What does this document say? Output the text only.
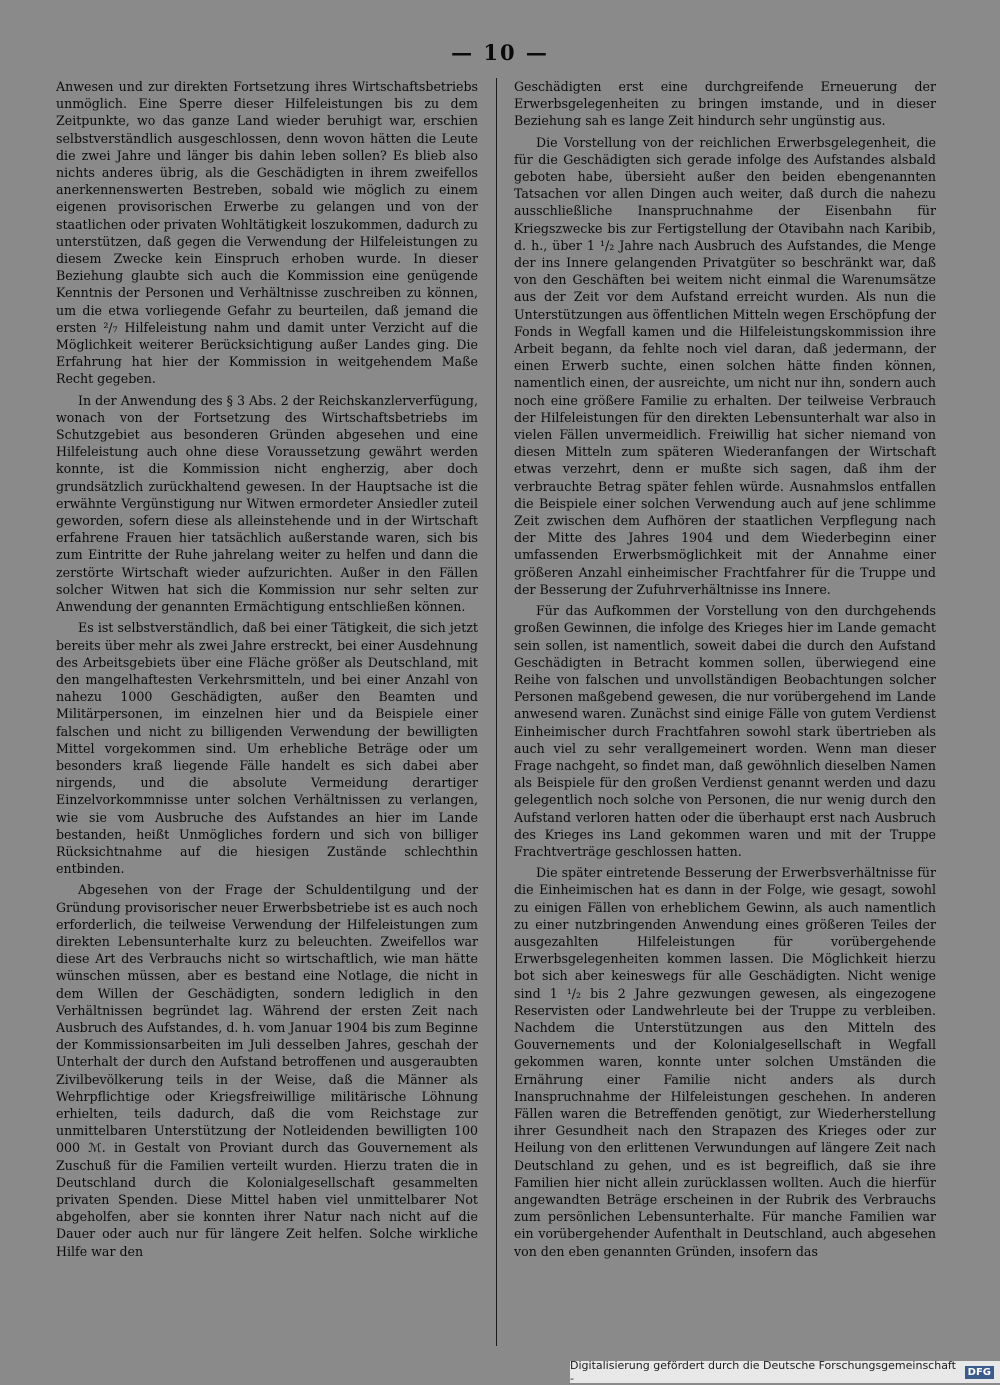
— 10 —

Anwesen und zur direkten Fortsetzung ihres Wirtschaftsbetriebs unmöglich. Eine Sperre dieser Hilfeleistungen bis zu dem Zeitpunkte, wo das ganze Land wieder beruhigt war, erschien selbstverständlich ausgeschlossen, denn wovon hätten die Leute die zwei Jahre und länger bis dahin leben sollen? Es blieb also nichts anderes übrig, als die Geschädigten in ihrem zweifellos anerkennenswerten Bestreben, sobald wie möglich zu einem eigenen provisorischen Erwerbe zu gelangen und von der staatlichen oder privaten Wohltätigkeit loszukommen, dadurch zu unterstützen, daß gegen die Verwendung der Hilfeleistungen zu diesem Zwecke kein Einspruch erhoben wurde. In dieser Beziehung glaubte sich auch die Kommission eine genügende Kenntnis der Personen und Verhältnisse zuschreiben zu können, um die etwa vorliegende Gefahr zu beurteilen, daß jemand die ersten ²/₇ Hilfeleistung nahm und damit unter Verzicht auf die Möglichkeit weiterer Berücksichtigung außer Landes ging. Die Erfahrung hat hier der Kommission in weitgehendem Maße Recht gegeben.

In der Anwendung des § 3 Abs. 2 der Reichskanzlerverfügung, wonach von der Fortsetzung des Wirtschaftsbetriebs im Schutzgebiet aus besonderen Gründen abgesehen und eine Hilfeleistung auch ohne diese Voraussetzung gewährt werden konnte, ist die Kommission nicht engherzig, aber doch grundsätzlich zurückhaltend gewesen. In der Hauptsache ist die erwähnte Vergünstigung nur Witwen ermordeter Ansiedler zuteil geworden, sofern diese als alleinstehende und in der Wirtschaft erfahrene Frauen hier tatsächlich außerstande waren, sich bis zum Eintritte der Ruhe jahrelang weiter zu helfen und dann die zerstörte Wirtschaft wieder aufzurichten. Außer in den Fällen solcher Witwen hat sich die Kommission nur sehr selten zur Anwendung der genannten Ermächtigung entschließen können.

Es ist selbstverständlich, daß bei einer Tätigkeit, die sich jetzt bereits über mehr als zwei Jahre erstreckt, bei einer Ausdehnung des Arbeitsgebiets über eine Fläche größer als Deutschland, mit den mangelhaftesten Verkehrsmitteln, und bei einer Anzahl von nahezu 1000 Geschädigten, außer den Beamten und Militärpersonen, im einzelnen hier und da Beispiele einer falschen und nicht zu billigenden Verwendung der bewilligten Mittel vorgekommen sind. Um erhebliche Beträge oder um besonders kraß liegende Fälle handelt es sich dabei aber nirgends, und die absolute Vermeidung derartiger Einzelvorkommnisse unter solchen Verhältnissen zu verlangen, wie sie vom Ausbruche des Aufstandes an hier im Lande bestanden, heißt Unmögliches fordern und sich von billiger Rücksichtnahme auf die hiesigen Zustände schlechthin entbinden.

Abgesehen von der Frage der Schuldentilgung und der Gründung provisorischer neuer Erwerbsbetriebe ist es auch noch erforderlich, die teilweise Verwendung der Hilfeleistungen zum direkten Lebensunterhalte kurz zu beleuchten. Zweifellos war diese Art des Verbrauchs nicht so wirtschaftlich, wie man hätte wünschen müssen, aber es bestand eine Notlage, die nicht in dem Willen der Geschädigten, sondern lediglich in den Verhältnissen begründet lag. Während der ersten Zeit nach Ausbruch des Aufstandes, d. h. vom Januar 1904 bis zum Beginne der Kommissionsarbeiten im Juli desselben Jahres, geschah der Unterhalt der durch den Aufstand betroffenen und ausgeraubten Zivilbevölkerung teils in der Weise, daß die Männer als Wehrpflichtige oder Kriegsfreiwillige militärische Löhnung erhielten, teils dadurch, daß die vom Reichstage zur unmittelbaren Unterstützung der Notleidenden bewilligten 100 000 ℳ. in Gestalt von Proviant durch das Gouvernement als Zuschuß für die Familien verteilt wurden. Hierzu traten die in Deutschland durch die Kolonialgesellschaft gesammelten privaten Spenden. Diese Mittel haben viel unmittelbarer Not abgeholfen, aber sie konnten ihrer Natur nach nicht auf die Dauer oder auch nur für längere Zeit helfen. Solche wirkliche Hilfe war den

Geschädigten erst eine durchgreifende Erneuerung der Erwerbsgelegenheiten zu bringen imstande, und in dieser Beziehung sah es lange Zeit hindurch sehr ungünstig aus.

Die Vorstellung von der reichlichen Erwerbsgelegenheit, die für die Geschädigten sich gerade infolge des Aufstandes alsbald geboten habe, übersieht außer den beiden ebengenannten Tatsachen vor allen Dingen auch weiter, daß durch die nahezu ausschließliche Inanspruchnahme der Eisenbahn für Kriegszwecke bis zur Fertigstellung der Otavibahn nach Karibib, d. h., über 1 ¹/₂ Jahre nach Ausbruch des Aufstandes, die Menge der ins Innere gelangenden Privatgüter so beschränkt war, daß von den Geschäften bei weitem nicht einmal die Warenumsätze aus der Zeit vor dem Aufstand erreicht wurden. Als nun die Unterstützungen aus öffentlichen Mitteln wegen Erschöpfung der Fonds in Wegfall kamen und die Hilfeleistungskommission ihre Arbeit begann, da fehlte noch viel daran, daß jedermann, der einen Erwerb suchte, einen solchen hätte finden können, namentlich einen, der ausreichte, um nicht nur ihn, sondern auch noch eine größere Familie zu erhalten. Der teilweise Verbrauch der Hilfeleistungen für den direkten Lebensunterhalt war also in vielen Fällen unvermeidlich. Freiwillig hat sicher niemand von diesen Mitteln zum späteren Wiederanfangen der Wirtschaft etwas verzehrt, denn er mußte sich sagen, daß ihm der verbrauchte Betrag später fehlen würde. Ausnahmslos entfallen die Beispiele einer solchen Verwendung auch auf jene schlimme Zeit zwischen dem Aufhören der staatlichen Verpflegung nach der Mitte des Jahres 1904 und dem Wiederbeginn einer umfassenden Erwerbsmöglichkeit mit der Annahme einer größeren Anzahl einheimischer Frachtfahrer für die Truppe und der Besserung der Zufuhrverhältnisse ins Innere.

Für das Aufkommen der Vorstellung von den durchgehends großen Gewinnen, die infolge des Krieges hier im Lande gemacht sein sollen, ist namentlich, soweit dabei die durch den Aufstand Geschädigten in Betracht kommen sollen, überwiegend eine Reihe von falschen und unvollständigen Beobachtungen solcher Personen maßgebend gewesen, die nur vorübergehend im Lande anwesend waren. Zunächst sind einige Fälle von gutem Verdienst Einheimischer durch Frachtfahren sowohl stark übertrieben als auch viel zu sehr verallgemeinert worden. Wenn man dieser Frage nachgeht, so findet man, daß gewöhnlich dieselben Namen als Beispiele für den großen Verdienst genannt werden und dazu gelegentlich noch solche von Personen, die nur wenig durch den Aufstand verloren hatten oder die überhaupt erst nach Ausbruch des Krieges ins Land gekommen waren und mit der Truppe Frachtverträge geschlossen hatten.

Die später eintretende Besserung der Erwerbsverhältnisse für die Einheimischen hat es dann in der Folge, wie gesagt, sowohl zu einigen Fällen von erheblichem Gewinn, als auch namentlich zu einer nutzbringenden Anwendung eines größeren Teiles der ausgezahlten Hilfeleistungen für vorübergehende Erwerbsgelegenheiten kommen lassen. Die Möglichkeit hierzu bot sich aber keineswegs für alle Geschädigten. Nicht wenige sind 1 ¹/₂ bis 2 Jahre gezwungen gewesen, als eingezogene Reservisten oder Landwehrleute bei der Truppe zu verbleiben. Nachdem die Unterstützungen aus den Mitteln des Gouvernements und der Kolonialgesellschaft in Wegfall gekommen waren, konnte unter solchen Umständen die Ernährung einer Familie nicht anders als durch Inanspruchnahme der Hilfeleistungen geschehen. In anderen Fällen waren die Betreffenden genötigt, zur Wiederherstellung ihrer Gesundheit nach den Strapazen des Krieges oder zur Heilung von den erlittenen Verwundungen auf längere Zeit nach Deutschland zu gehen, und es ist begreiflich, daß sie ihre Familien hier nicht allein zurücklassen wollten. Auch die hierfür angewandten Beträge erscheinen in der Rubrik des Verbrauchs zum persönlichen Lebensunterhalte. Für manche Familien war ein vorübergehender Aufenthalt in Deutschland, auch abgesehen von den eben genannten Gründen, insofern das

Digitalisierung gefördert durch die Deutsche Forschungsgemeinschaft -	DFG
